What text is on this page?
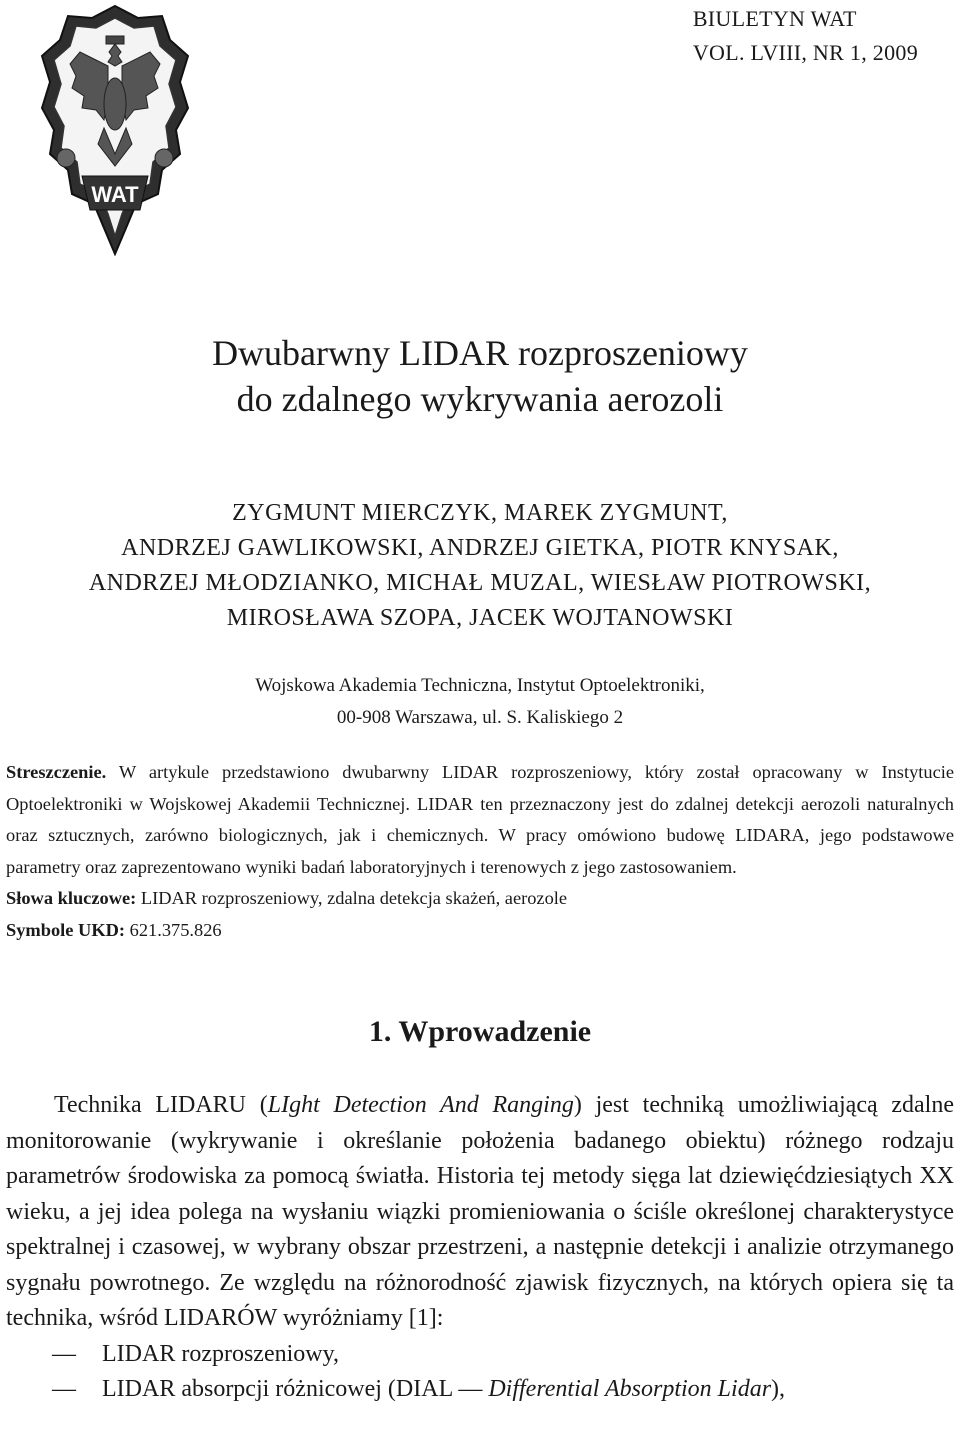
BIULETYN WAT
VOL. LVIII, NR 1, 2009
WAT
Dwubarwny LIDAR rozproszeniowy
do zdalnego wykrywania aerozoli
ZYGMUNT MIERCZYK, MAREK ZYGMUNT,
ANDRZEJ GAWLIKOWSKI, ANDRZEJ GIETKA, PIOTR KNYSAK,
ANDRZEJ MŁODZIANKO, MICHAŁ MUZAL, WIESŁAW PIOTROWSKI,
MIROSŁAWA SZOPA, JACEK WOJTANOWSKI
Wojskowa Akademia Techniczna, Instytut Optoelektroniki,
00-908 Warszawa, ul. S. Kaliskiego 2

Streszczenie. W artykule przedstawiono dwubarwny LIDAR rozproszeniowy, który został opracowany w Instytucie Optoelektroniki w Wojskowej Akademii Technicznej. LIDAR ten przeznaczony jest do zdalnej detekcji aerozoli naturalnych oraz sztucznych, zarówno biologicznych, jak i chemicznych. W pracy omówiono budowę LIDARA, jego podstawowe parametry oraz zaprezentowano wyniki badań laboratoryjnych i terenowych z jego zastosowaniem.

Słowa kluczowe: LIDAR rozproszeniowy, zdalna detekcja skażeń, aerozole

Symbole UKD: 621.375.826

1. Wprowadzenie

Technika LIDARU (LIght Detection And Ranging) jest techniką umożliwiającą zdalne monitorowanie (wykrywanie i określanie położenia badanego obiektu) różnego rodzaju parametrów środowiska za pomocą światła. Historia tej metody sięga lat dziewięćdziesiątych XX wieku, a jej idea polega na wysłaniu wiązki promieniowania o ściśle określonej charakterystyce spektralnej i czasowej, w wybrany obszar przestrzeni, a następnie detekcji i analizie otrzymanego sygnału powrotnego. Ze względu na różnorodność zjawisk fizycznych, na których opiera się ta technika, wśród LIDARÓW wyróżniamy [1]:

— LIDAR rozproszeniowy,
— LIDAR absorpcji różnicowej (DIAL — Differential Absorption Lidar),
